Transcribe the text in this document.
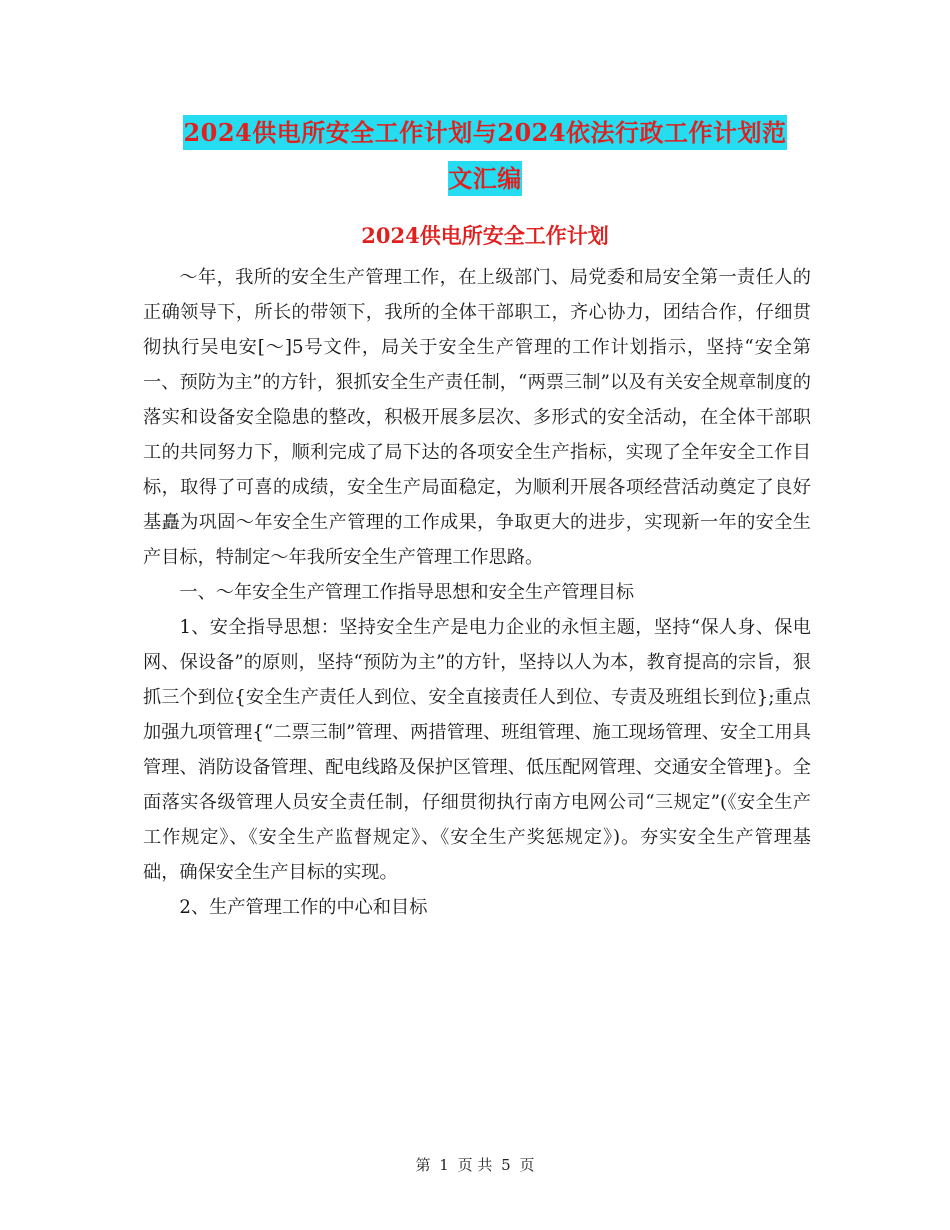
2024供电所安全工作计划与2024依法行政工作计划范
文汇编
2024供电所安全工作计划

～年，我所的安全生产管理工作，在上级部门、局党委和局安全第一责任人的正确领导下，所长的带领下，我所的全体干部职工，齐心协力，团结合作，仔细贯彻执行吴电安[～]5号文件，局关于安全生产管理的工作计划指示，坚持“安全第一、预防为主”的方针，狠抓安全生产责任制，“两票三制”以及有关安全规章制度的落实和设备安全隐患的整改，积极开展多层次、多形式的安全活动，在全体干部职工的共同努力下，顺利完成了局下达的各项安全生产指标，实现了全年安全工作目标，取得了可喜的成绩，安全生产局面稳定，为顺利开展各项经营活动奠定了良好基矗为巩固～年安全生产管理的工作成果，争取更大的进步，实现新一年的安全生产目标，特制定～年我所安全生产管理工作思路。

一、～年安全生产管理工作指导思想和安全生产管理目标

1、安全指导思想：坚持安全生产是电力企业的永恒主题，坚持“保人身、保电网、保设备”的原则，坚持“预防为主”的方针，坚持以人为本，教育提高的宗旨，狠抓三个到位{安全生产责任人到位、安全直接责任人到位、专责及班组长到位};重点加强九项管理{“二票三制”管理、两措管理、班组管理、施工现场管理、安全工用具管理、消防设备管理、配电线路及保护区管理、低压配网管理、交通安全管理}。全面落实各级管理人员安全责任制，仔细贯彻执行南方电网公司“三规定”(《安全生产工作规定》、《安全生产监督规定》、《安全生产奖惩规定》)。夯实安全生产管理基础，确保安全生产目标的实现。

2、生产管理工作的中心和目标

第 1 页 共 5 页
